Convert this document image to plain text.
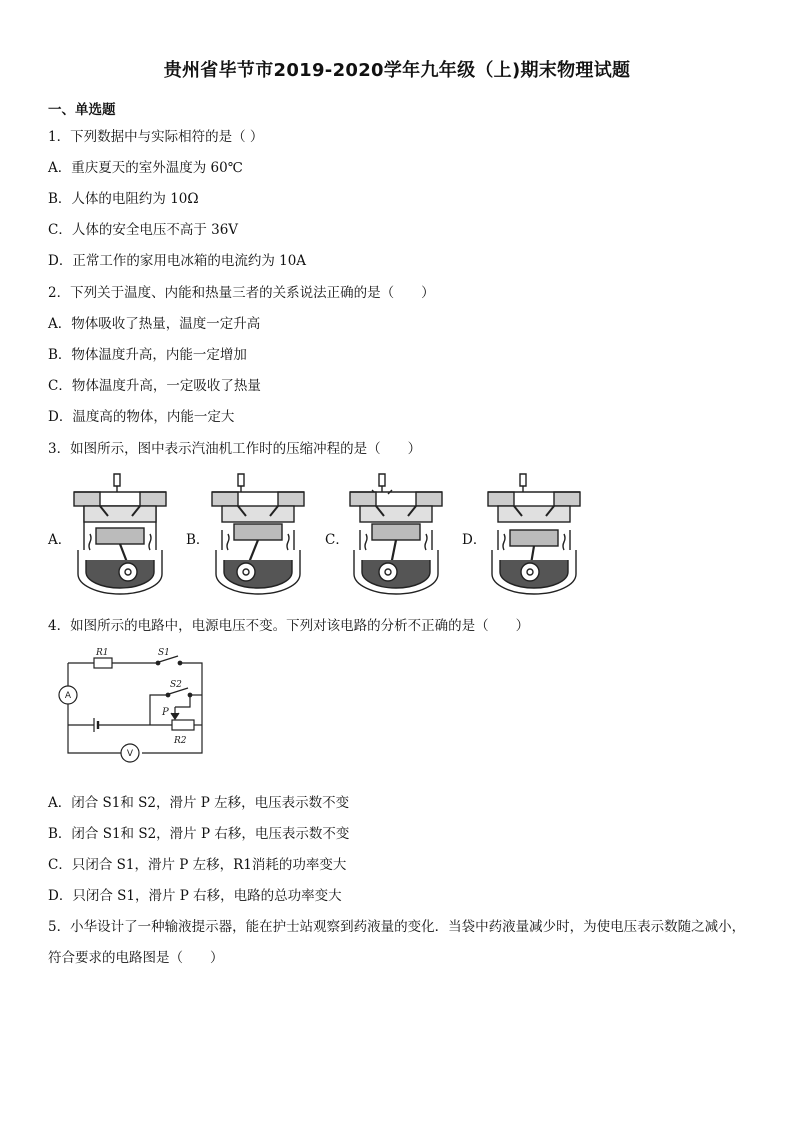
贵州省毕节市2019-2020学年九年级（上)期末物理试题
一、单选题
1．下列数据中与实际相符的是（ ）
A．重庆夏天的室外温度为 60℃
B．人体的电阻约为 10Ω
C．人体的安全电压不高于 36V
D．正常工作的家用电冰箱的电流约为 10A
2．下列关于温度、内能和热量三者的关系说法正确的是（　　）
A．物体吸收了热量，温度一定升高
B．物体温度升高，内能一定增加
C．物体温度升高，一定吸收了热量
D．温度高的物体，内能一定大
3．如图所示，图中表示汽油机工作时的压缩冲程的是（　　）
A．	B．	C．	D．
4．如图所示的电路中，电源电压不变。下列对该电路的分析不正确的是（　　）
R1	S1
S2
P
R2
A
V
A．闭合 S1和 S2，滑片 P 左移，电压表示数不变
B．闭合 S1和 S2，滑片 P 右移，电压表示数不变
C．只闭合 S1，滑片 P 左移，R1消耗的功率变大
D．只闭合 S1，滑片 P 右移，电路的总功率变大
5．小华设计了一种输液提示器，能在护士站观察到药液量的变化．当袋中药液量减少时，为使电压表示数随之减小，符合要求的电路图是（　　）
